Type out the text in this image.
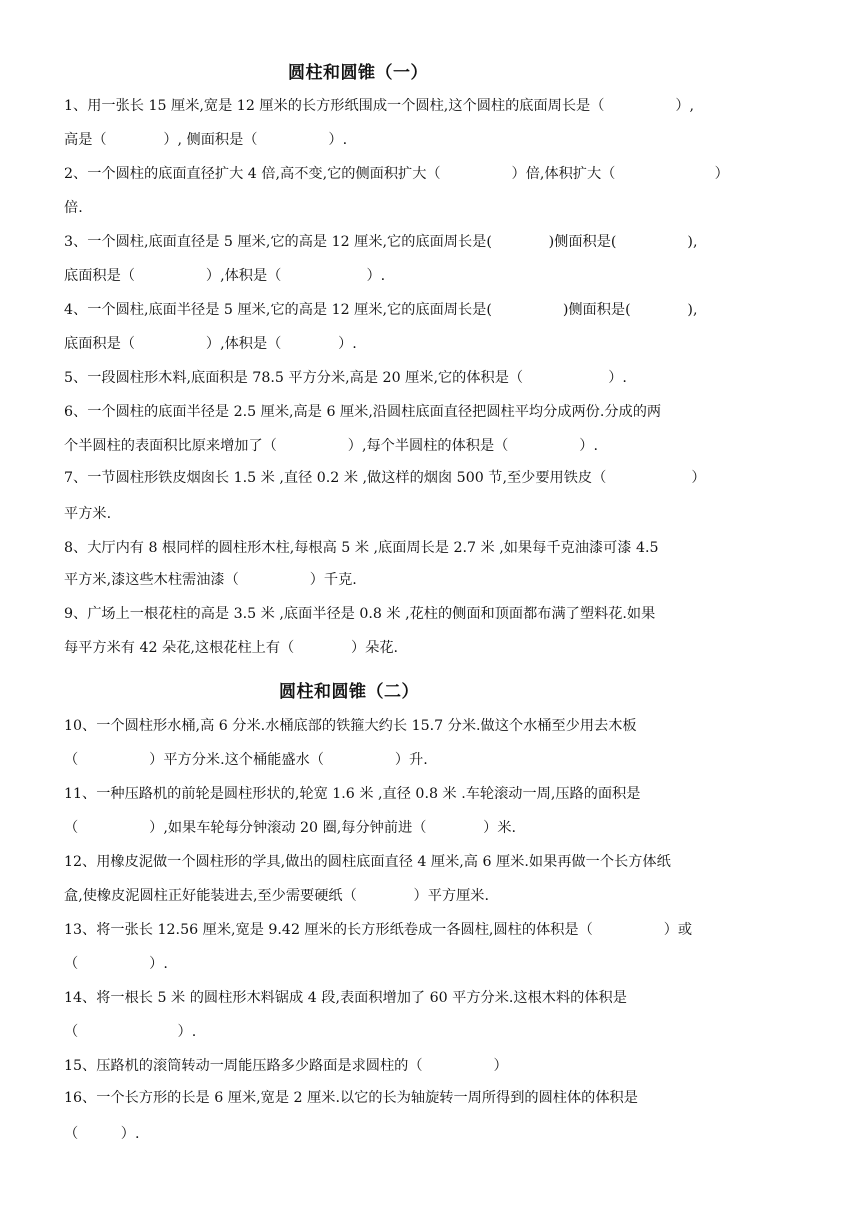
圆柱和圆锥（一）
1、用一张长 15 厘米,宽是 12 厘米的长方形纸围成一个圆柱,这个圆柱的底面周长是（　　　　　）,
高是（　　　　）, 侧面积是（　　　　　）.
2、一个圆柱的底面直径扩大 4 倍,高不变,它的侧面积扩大（　　　　　）倍,体积扩大（　　　　　　　）
倍.
3、一个圆柱,底面直径是 5 厘米,它的高是 12 厘米,它的底面周长是(　　　　)侧面积是(　　　　　),
底面积是（　　　　　）,体积是（　　　　　　）.
4、一个圆柱,底面半径是 5 厘米,它的高是 12 厘米,它的底面周长是(　　　　　)侧面积是(　　　　),
底面积是（　　　　　）,体积是（　　　　）.
5、一段圆柱形木料,底面积是 78.5 平方分米,高是 20 厘米,它的体积是（　　　　　　）.
6、一个圆柱的底面半径是 2.5 厘米,高是 6 厘米,沿圆柱底面直径把圆柱平均分成两份.分成的两
个半圆柱的表面积比原来增加了（　　　　　）,每个半圆柱的体积是（　　　　　）.
7、一节圆柱形铁皮烟囱长 1.5 米 ,直径 0.2 米 ,做这样的烟囱 500 节,至少要用铁皮（　　　　　　）
平方米.
8、大厅内有 8 根同样的圆柱形木柱,每根高 5 米 ,底面周长是 2.7 米 ,如果每千克油漆可漆 4.5
平方米,漆这些木柱需油漆（　　　　　）千克.
9、广场上一根花柱的高是 3.5 米 ,底面半径是 0.8 米 ,花柱的侧面和顶面都布满了塑料花.如果
每平方米有 42 朵花,这根花柱上有（　　　　）朵花.
圆柱和圆锥（二）
10、一个圆柱形水桶,高 6 分米.水桶底部的铁箍大约长 15.7 分米.做这个水桶至少用去木板
（　　　　　）平方分米.这个桶能盛水（　　　　　）升.
11、一种压路机的前轮是圆柱形状的,轮宽 1.6 米 ,直径 0.8 米 .车轮滚动一周,压路的面积是
（　　　　　）,如果车轮每分钟滚动 20 圈,每分钟前进（　　　　）米.
12、用橡皮泥做一个圆柱形的学具,做出的圆柱底面直径 4 厘米,高 6 厘米.如果再做一个长方体纸
盒,使橡皮泥圆柱正好能装进去,至少需要硬纸（　　　　）平方厘米.
13、将一张长 12.56 厘米,宽是 9.42 厘米的长方形纸卷成一各圆柱,圆柱的体积是（　　　　　）或
（　　　　　）.
14、将一根长 5 米 的圆柱形木料锯成 4 段,表面积增加了 60 平方分米.这根木料的体积是
（　　　　　　　）.
15、压路机的滚筒转动一周能压路多少路面是求圆柱的（　　　　　）
16、一个长方形的长是 6 厘米,宽是 2 厘米.以它的长为轴旋转一周所得到的圆柱体的体积是
（　　　）.
